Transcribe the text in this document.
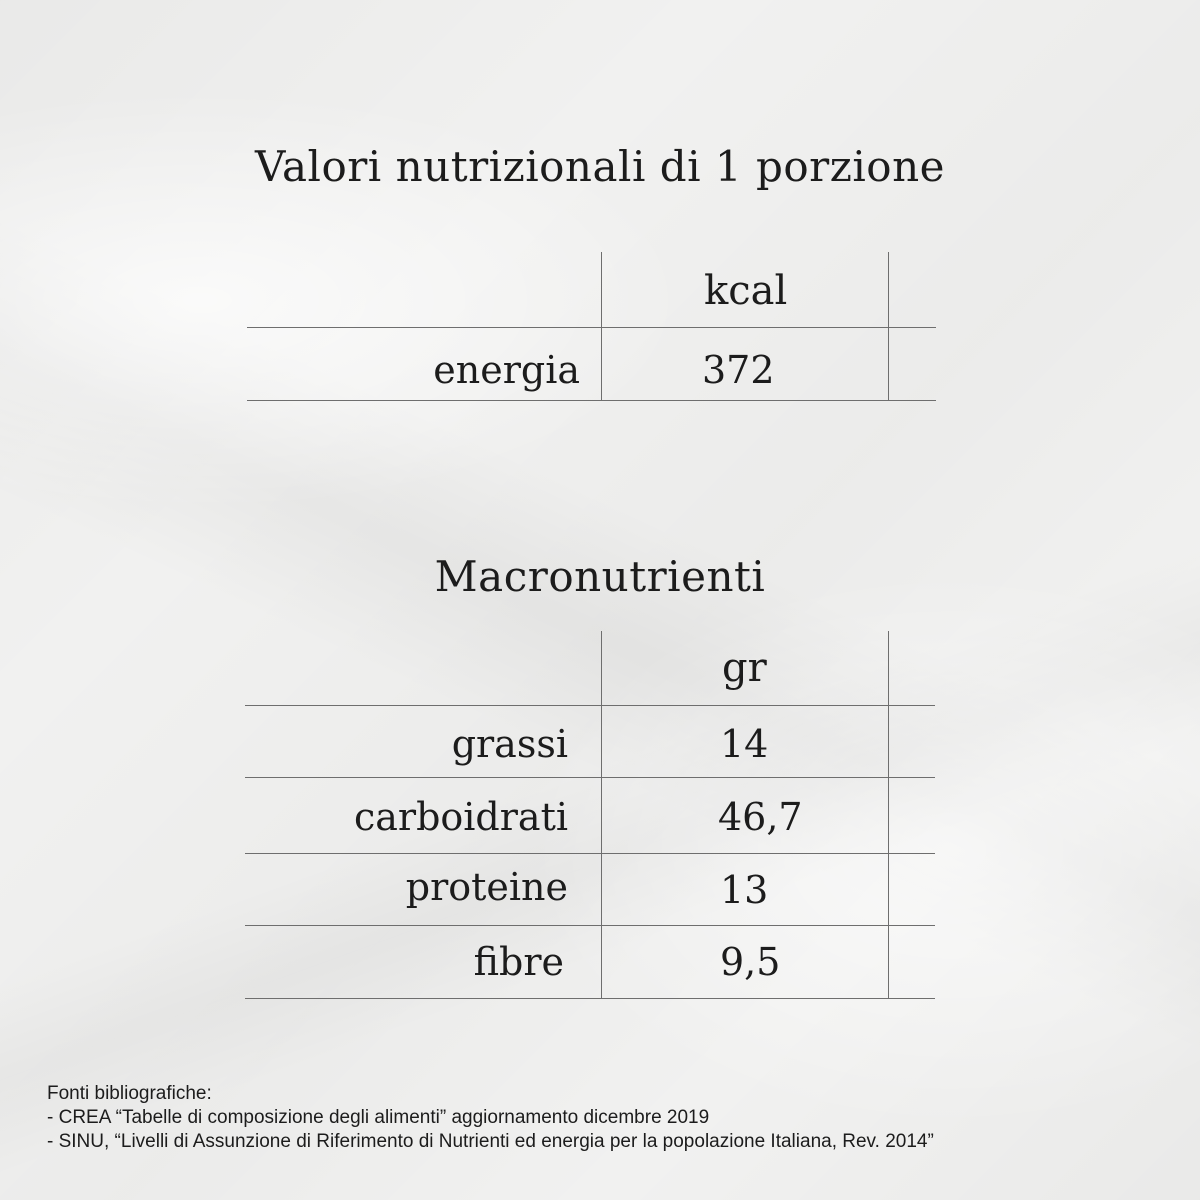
Valori nutrizionali di 1 porzione
kcal
energia	372
Macronutrienti
gr
grassi	14
carboidrati	46,7
proteine	13
fibre	9,5
Fonti bibliografiche:
- CREA “Tabelle di composizione degli alimenti” aggiornamento dicembre 2019
- SINU, “Livelli di Assunzione di Riferimento di Nutrienti ed energia per la popolazione Italiana, Rev. 2014”
